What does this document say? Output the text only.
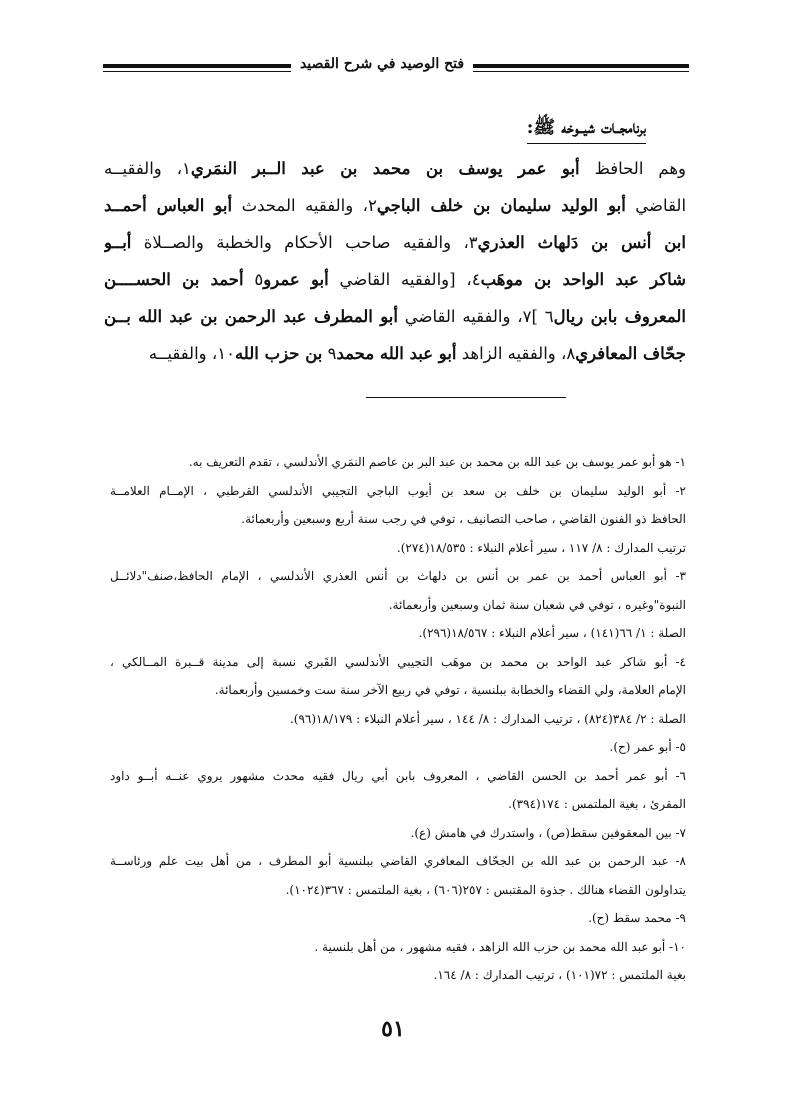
فتح الوصيد في شرح القصيد
برنامجــات شيــوخه ﷺ:
وهم الحافظ أبو عمر يوسف بن محمد بن عبد الــبر النمَري١، والفقيــه
القاضي أبو الوليد سليمان بن خلف الباجي٢، والفقيه المحدث أبو العباس أحمــد
ابن أنس بن دَلهاث العذري٣، والفقيه صاحب الأحكام والخطبة والصــلاة أبــو
شاكر عبد الواحد بن موهَب٤، [والفقيه القاضي أبو عمرو٥ أحمد بن الحســــن
المعروف بابن ريال٦ ]٧، والفقيه القاضي أبو المطرف عبد الرحمن بن عبد الله بــن
جحّاف المعافري٨، والفقيه الزاهد أبو عبد الله محمد٩ بن حزب الله١٠، والفقيــه
١- هو أبو عمر يوسف بن عبد الله بن محمد بن عبد البر بن عاصم النمَري الأندلسي ، تقدم التعريف به.
٢- أبو الوليد سليمان بن خلف بن سعد بن أيوب الباجي التجيبي الأندلسي القرطبي ، الإمــام العلامــة
الحافظ ذو الفنون القاضي ، صاحب التصانيف ، توفي في رجب سنة أربع وسبعين وأربعمائة.
ترتيب المدارك : ٨/ ١١٧ ، سير أعلام النبلاء : ١٨/٥٣٥(٢٧٤).
٣- أبو العباس أحمد بن عمر بن أنس بن دلهاث بن أنس العذري الأندلسي ، الإمام الحافظ،صنف"دلائــل
النبوة"وغيره ، توفي في شعبان سنة ثمان وسبعين وأربعمائة.
الصلة : ١/ ٦٦(١٤١) ، سير أعلام النبلاء : ١٨/٥٦٧(٢٩٦).
٤- أبو شاكر عبد الواحد بن محمد بن موهَب التجيبي الأندلسي القَبري نسبة إلى مدينة قــبرة المــالكي ،
الإمام العلامة، ولي القضاء والخطابة ببلنسية ، توفي في ربيع الآخر سنة ست وخمسين وأربعمائة.
الصلة : ٢/ ٣٨٤(٨٢٤) ، ترتيب المدارك : ٨/ ١٤٤ ، سير أعلام النبلاء : ١٨/١٧٩(٩٦).
٥- أبو عمر (ح).
٦- أبو عمر أحمد بن الحسن القاضي ، المعروف بابن أبي ريال فقيه محدث مشهور يروي عنــه أبــو داود
المقرئ ، بغية الملتمس : ١٧٤(٣٩٤).
٧- بين المعقوفين سقط(ص) ، واستدرك في هامش (ع).
٨- عبد الرحمن بن عبد الله بن الجحّاف المعافري القاضي ببلنسية أبو المطرف ، من أهل بيت علم ورئاســة
يتداولون القضاء هنالك . جذوة المقتبس : ٢٥٧(٦٠٦) ، بغية الملتمس : ٣٦٧(١٠٢٤).
٩- محمد سقط (ح).
١٠- أبو عبد الله محمد بن حزب الله الزاهد ، فقيه مشهور ، من أهل بلنسية .
بغية الملتمس : ٧٢(١٠١) ، ترتيب المدارك : ٨/ ١٦٤.
٥١
